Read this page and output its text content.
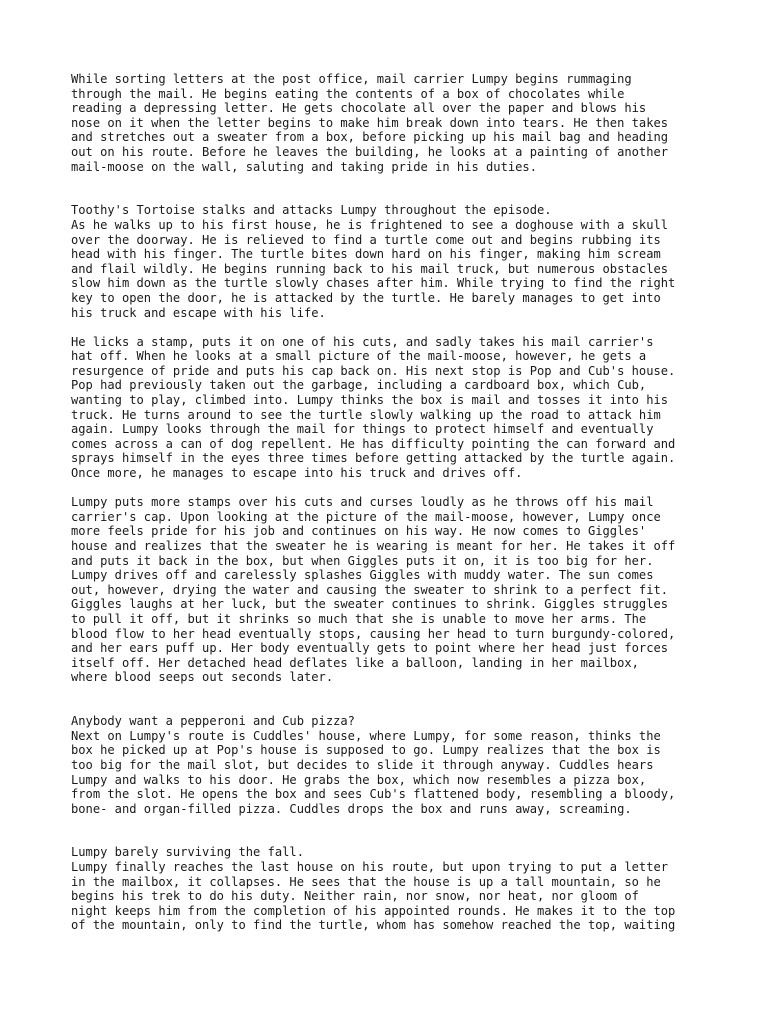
While sorting letters at the post office, mail carrier Lumpy begins rummaging
through the mail. He begins eating the contents of a box of chocolates while
reading a depressing letter. He gets chocolate all over the paper and blows his
nose on it when the letter begins to make him break down into tears. He then takes
and stretches out a sweater from a box, before picking up his mail bag and heading
out on his route. Before he leaves the building, he looks at a painting of another
mail-moose on the wall, saluting and taking pride in his duties.
Toothy's Tortoise stalks and attacks Lumpy throughout the episode.
As he walks up to his first house, he is frightened to see a doghouse with a skull
over the doorway. He is relieved to find a turtle come out and begins rubbing its
head with his finger. The turtle bites down hard on his finger, making him scream
and flail wildly. He begins running back to his mail truck, but numerous obstacles
slow him down as the turtle slowly chases after him. While trying to find the right
key to open the door, he is attacked by the turtle. He barely manages to get into
his truck and escape with his life.
He licks a stamp, puts it on one of his cuts, and sadly takes his mail carrier's
hat off. When he looks at a small picture of the mail-moose, however, he gets a
resurgence of pride and puts his cap back on. His next stop is Pop and Cub's house.
Pop had previously taken out the garbage, including a cardboard box, which Cub,
wanting to play, climbed into. Lumpy thinks the box is mail and tosses it into his
truck. He turns around to see the turtle slowly walking up the road to attack him
again. Lumpy looks through the mail for things to protect himself and eventually
comes across a can of dog repellent. He has difficulty pointing the can forward and
sprays himself in the eyes three times before getting attacked by the turtle again.
Once more, he manages to escape into his truck and drives off.
Lumpy puts more stamps over his cuts and curses loudly as he throws off his mail
carrier's cap. Upon looking at the picture of the mail-moose, however, Lumpy once
more feels pride for his job and continues on his way. He now comes to Giggles'
house and realizes that the sweater he is wearing is meant for her. He takes it off
and puts it back in the box, but when Giggles puts it on, it is too big for her.
Lumpy drives off and carelessly splashes Giggles with muddy water. The sun comes
out, however, drying the water and causing the sweater to shrink to a perfect fit.
Giggles laughs at her luck, but the sweater continues to shrink. Giggles struggles
to pull it off, but it shrinks so much that she is unable to move her arms. The
blood flow to her head eventually stops, causing her head to turn burgundy-colored,
and her ears puff up. Her body eventually gets to point where her head just forces
itself off. Her detached head deflates like a balloon, landing in her mailbox,
where blood seeps out seconds later.
Anybody want a pepperoni and Cub pizza?
Next on Lumpy's route is Cuddles' house, where Lumpy, for some reason, thinks the
box he picked up at Pop's house is supposed to go. Lumpy realizes that the box is
too big for the mail slot, but decides to slide it through anyway. Cuddles hears
Lumpy and walks to his door. He grabs the box, which now resembles a pizza box,
from the slot. He opens the box and sees Cub's flattened body, resembling a bloody,
bone- and organ-filled pizza. Cuddles drops the box and runs away, screaming.
Lumpy barely surviving the fall.
Lumpy finally reaches the last house on his route, but upon trying to put a letter
in the mailbox, it collapses. He sees that the house is up a tall mountain, so he
begins his trek to do his duty. Neither rain, nor snow, nor heat, nor gloom of
night keeps him from the completion of his appointed rounds. He makes it to the top
of the mountain, only to find the turtle, whom has somehow reached the top, waiting
